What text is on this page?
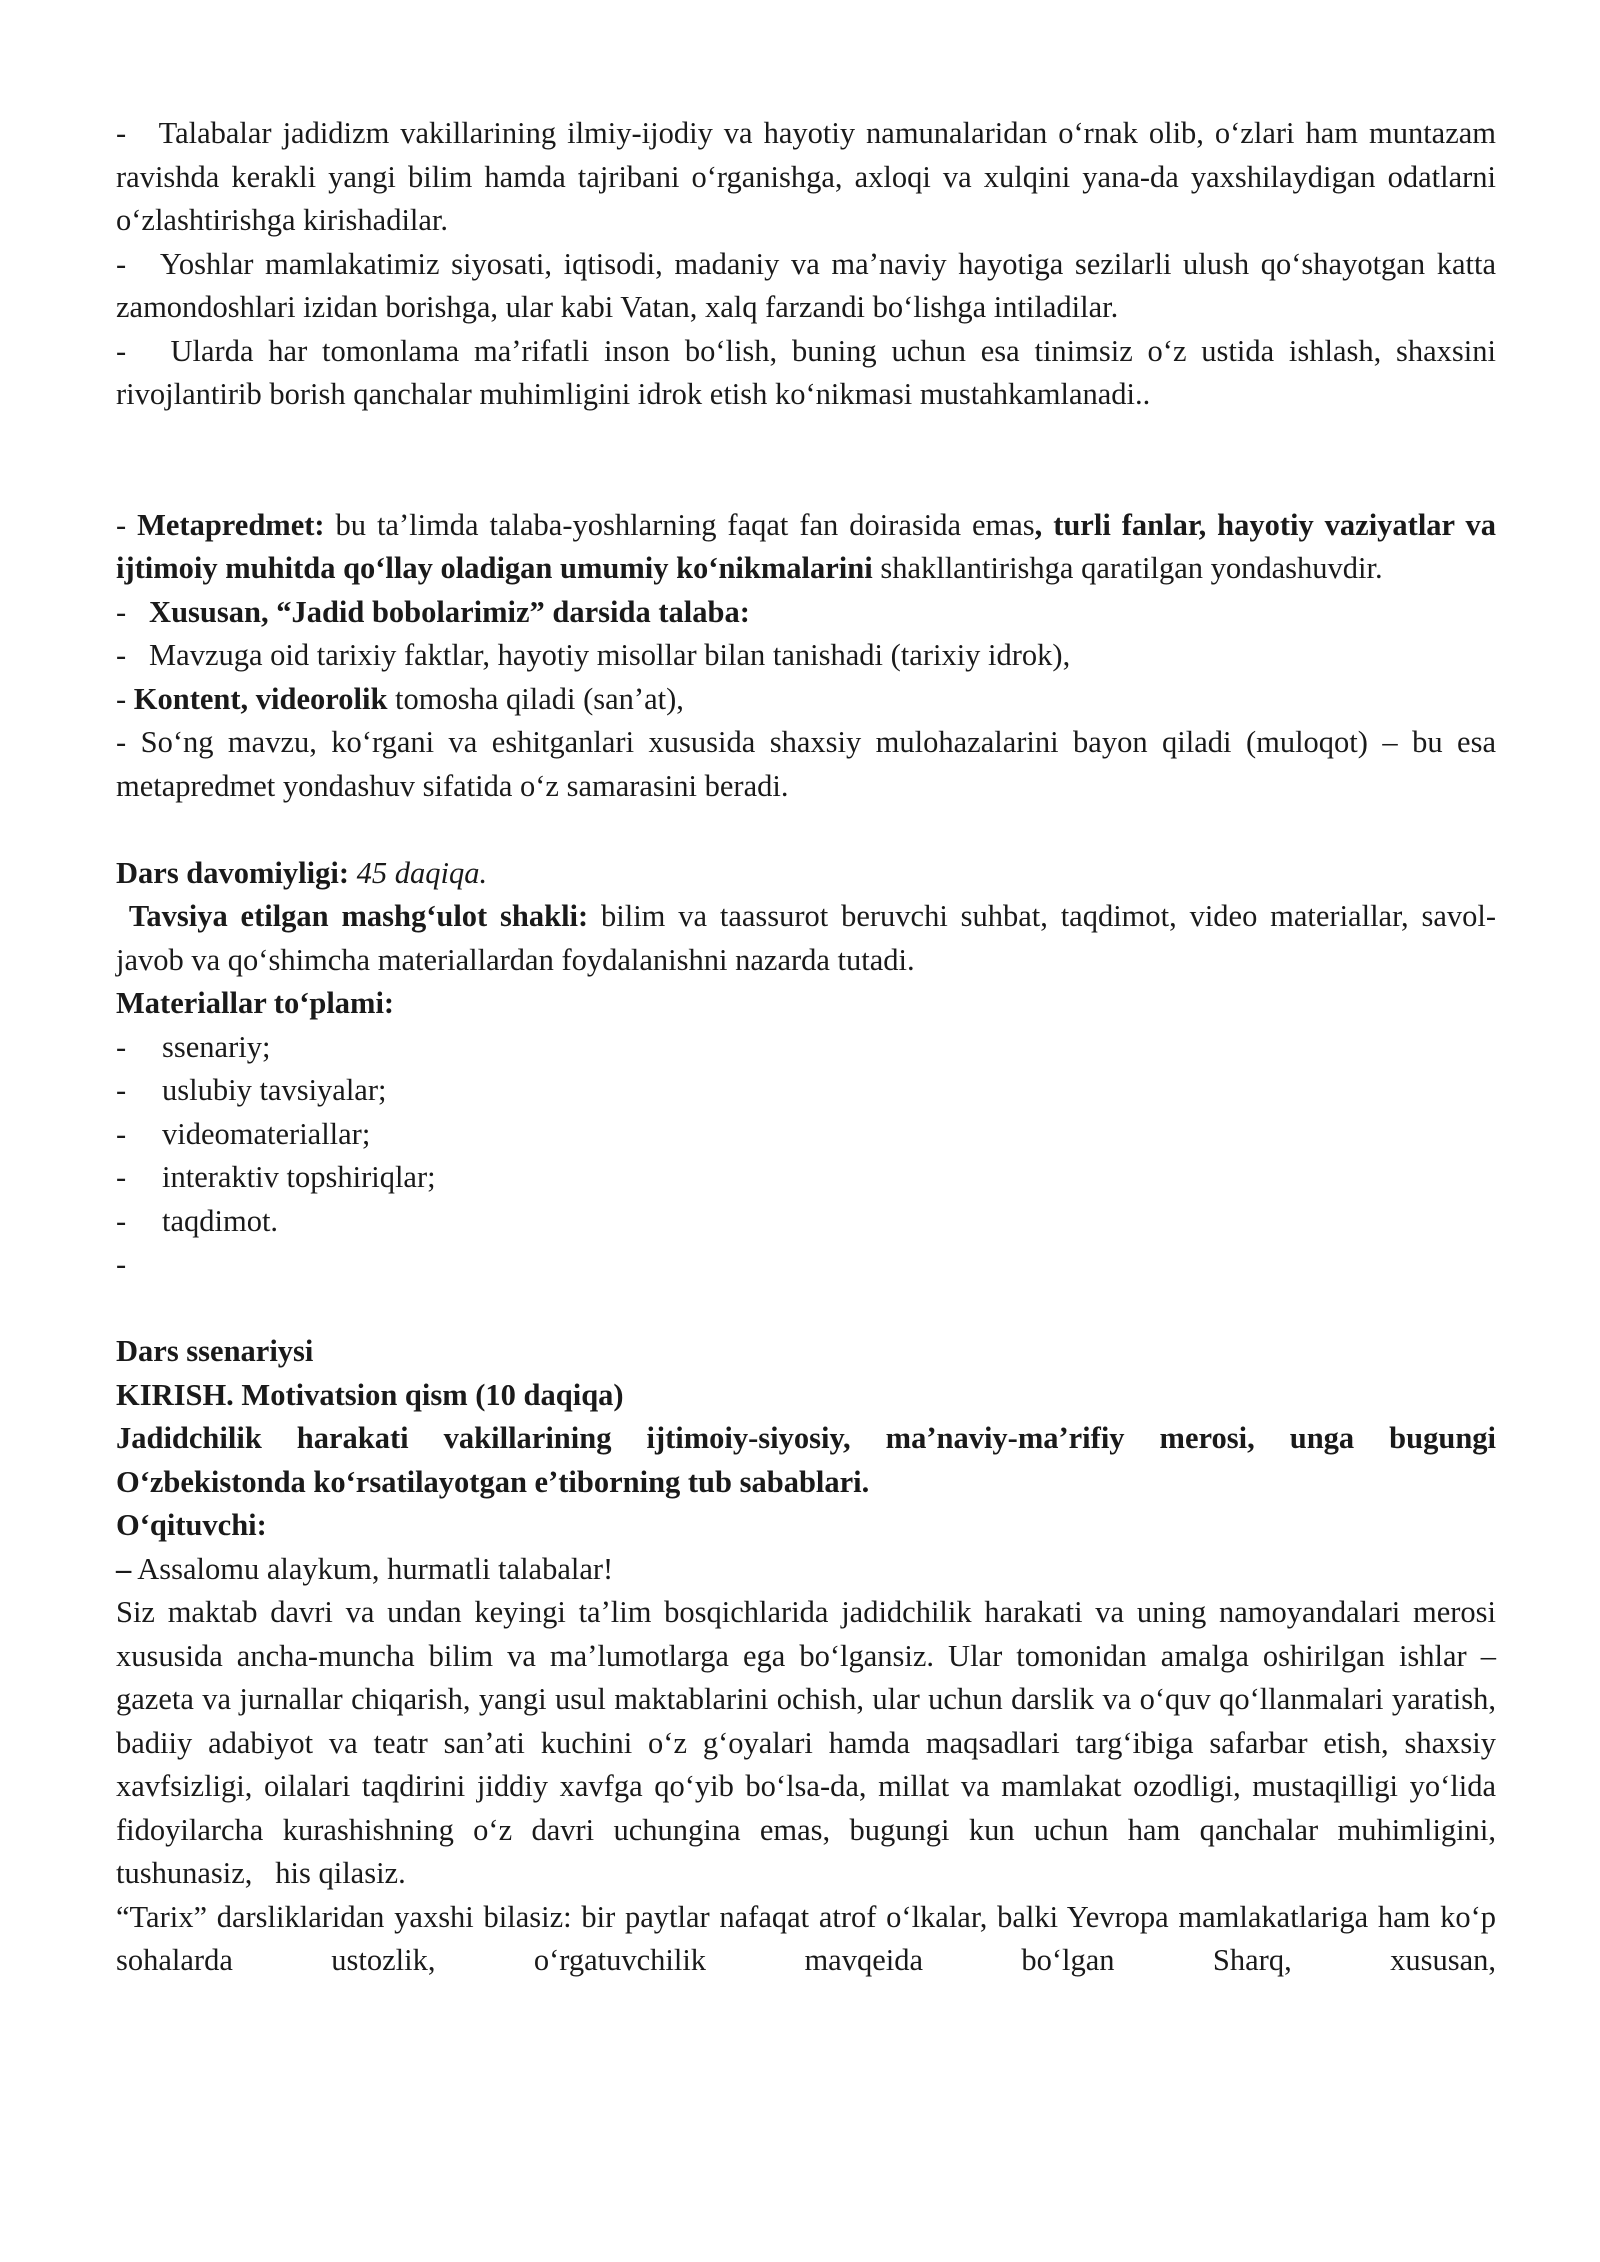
- Talabalar jadidizm vakillarining ilmiy-ijodiy va hayotiy namunalaridan oʻrnak olib, oʻzlari ham muntazam ravishda kerakli yangi bilim hamda tajribani oʻrganishga, axloqi va xulqini yana-da yaxshilaydigan odatlarni oʻzlashtirishga kirishadilar.

- Yoshlar mamlakatimiz siyosati, iqtisodi, madaniy va maʼnaviy hayotiga sezilarli ulush qoʻshayotgan katta zamondoshlari izidan borishga, ular kabi Vatan, xalq farzandi boʻlishga intiladilar.

- Ularda har tomonlama maʼrifatli inson boʻlish, buning uchun esa tinimsiz oʻz ustida ishlash, shaxsini rivojlantirib borish qanchalar muhimligini idrok etish koʻnikmasi mustahkamlanadi..

- Metapredmet: bu taʼlimda talaba-yoshlarning faqat fan doirasida emas, turli fanlar, hayotiy vaziyatlar va ijtimoiy muhitda qoʻllay oladigan umumiy koʻnikmalarini shakllantirishga qaratilgan yondashuvdir.

- Xususan, “Jadid bobolarimiz” darsida talaba:

- Mavzuga oid tarixiy faktlar, hayotiy misollar bilan tanishadi (tarixiy idrok),

- Kontent, videorolik tomosha qiladi (sanʼat),

- Soʻng mavzu, koʻrgani va eshitganlari xususida shaxsiy mulohazalarini bayon qiladi (muloqot) – bu esa metapredmet yondashuv sifatida oʻz samarasini beradi.

Dars davomiyligi: 45 daqiqa.

Tavsiya etilgan mashgʻulot shakli: bilim va taassurot beruvchi suhbat, taqdimot, video materiallar, savol-javob va qoʻshimcha materiallardan foydalanishni nazarda tutadi.

Materiallar toʻplami:

-	ssenariy;
-	uslubiy tavsiyalar;
-	videomateriallar;
-	interaktiv topshiriqlar;
-	taqdimot.

-

Dars ssenariysi

KIRISH. Motivatsion qism (10 daqiqa)

Jadidchilik harakati vakillarining ijtimoiy-siyosiy, maʼnaviy-maʼrifiy merosi, unga bugungi Oʻzbekistonda koʻrsatilayotgan eʼtiborning tub sabablari.

Oʻqituvchi:

– Assalomu alaykum, hurmatli talabalar!

Siz maktab davri va undan keyingi taʼlim bosqichlarida jadidchilik harakati va uning namoyandalari merosi xususida ancha-muncha bilim va maʼlumotlarga ega boʻlgansiz. Ular tomonidan amalga oshirilgan ishlar – gazeta va jurnallar chiqarish, yangi usul maktablarini ochish, ular uchun darslik va oʻquv qoʻllanmalari yaratish, badiiy adabiyot va teatr sanʼati kuchini oʻz gʻoyalari hamda maqsadlari targʻibiga safarbar etish, shaxsiy xavfsizligi, oilalari taqdirini jiddiy xavfga qoʻyib boʻlsa-da, millat va mamlakat ozodligi, mustaqilligi yoʻlida fidoyilarcha kurashishning oʻz davri uchungina emas, bugungi kun uchun ham qanchalar muhimligini, tushunasiz,   his qilasiz.

“Tarix” darsliklaridan yaxshi bilasiz: bir paytlar nafaqat atrof oʻlkalar, balki Yevropa mamlakatlariga ham koʻp sohalarda ustozlik, oʻrgatuvchilik mavqeida boʻlgan Sharq, xususan,
